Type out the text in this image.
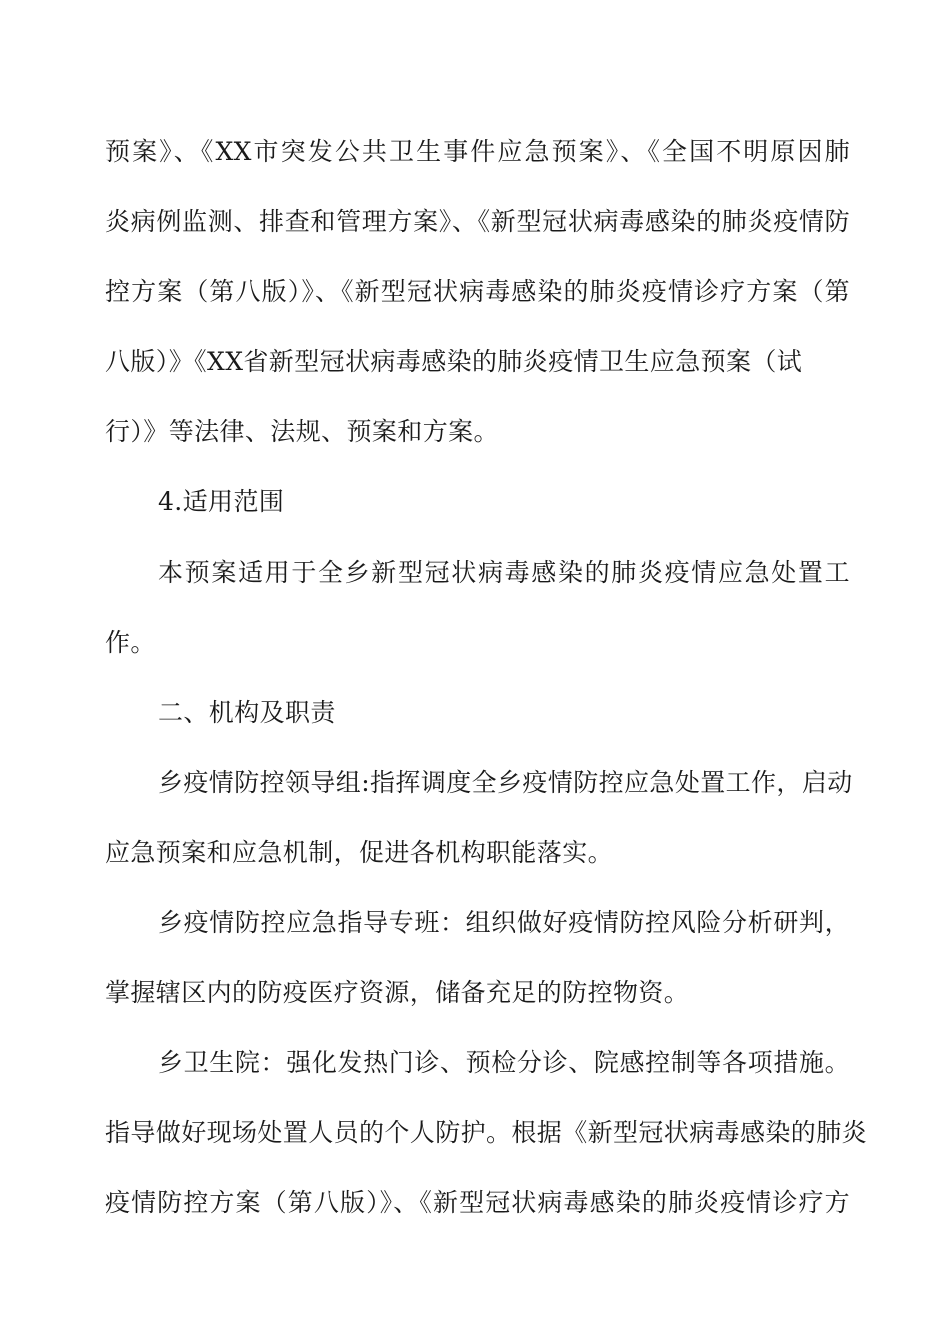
预案》、《XX市突发公共卫生事件应急预案》、《全国不明原因肺
炎病例监测、排查和管理方案》、《新型冠状病毒感染的肺炎疫情防
控方案（第八版）》、《新型冠状病毒感染的肺炎疫情诊疗方案（第
八版）》《XX省新型冠状病毒感染的肺炎疫情卫生应急预案（试
行）》等法律、法规、预案和方案。
4.适用范围
本预案适用于全乡新型冠状病毒感染的肺炎疫情应急处置工
作。
二、机构及职责
乡疫情防控领导组:指挥调度全乡疫情防控应急处置工作，启动
应急预案和应急机制，促进各机构职能落实。
乡疫情防控应急指导专班：组织做好疫情防控风险分析研判，
掌握辖区内的防疫医疗资源，储备充足的防控物资。
乡卫生院：强化发热门诊、预检分诊、院感控制等各项措施。
指导做好现场处置人员的个人防护。根据《新型冠状病毒感染的肺炎
疫情防控方案（第八版）》、《新型冠状病毒感染的肺炎疫情诊疗方
